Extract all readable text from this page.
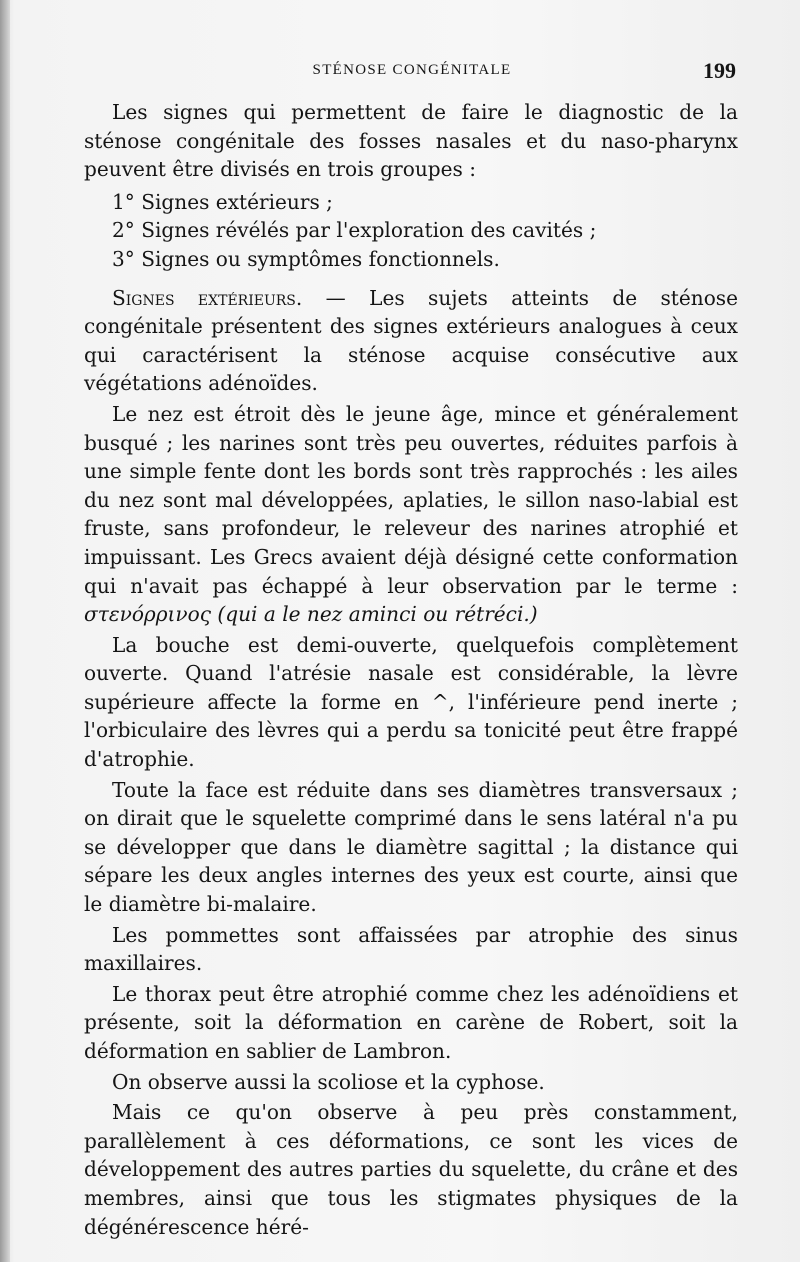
STÉNOSE CONGÉNITALE	199

Les signes qui permettent de faire le diagnostic de la sténose congénitale des fosses nasales et du naso-pharynx peuvent être divisés en trois groupes :

1° Signes extérieurs ;

2° Signes révélés par l'exploration des cavités ;

3° Signes ou symptômes fonctionnels.

Signes extérieurs. — Les sujets atteints de sténose congénitale présentent des signes extérieurs analogues à ceux qui caractérisent la sténose acquise consécutive aux végétations adénoïdes.

Le nez est étroit dès le jeune âge, mince et généralement busqué ; les narines sont très peu ouvertes, réduites parfois à une simple fente dont les bords sont très rapprochés : les ailes du nez sont mal développées, aplaties, le sillon naso-labial est fruste, sans profondeur, le releveur des narines atrophié et impuissant. Les Grecs avaient déjà désigné cette conformation qui n'avait pas échappé à leur observation par le terme : στενόρρινος (qui a le nez aminci ou rétréci.)

La bouche est demi-ouverte, quelquefois complètement ouverte. Quand l'atrésie nasale est considérable, la lèvre supérieure affecte la forme en ^, l'inférieure pend inerte ; l'orbiculaire des lèvres qui a perdu sa tonicité peut être frappé d'atrophie.

Toute la face est réduite dans ses diamètres transversaux ; on dirait que le squelette comprimé dans le sens latéral n'a pu se développer que dans le diamètre sagittal ; la distance qui sépare les deux angles internes des yeux est courte, ainsi que le diamètre bi-malaire.

Les pommettes sont affaissées par atrophie des sinus maxillaires.

Le thorax peut être atrophié comme chez les adénoïdiens et présente, soit la déformation en carène de Robert, soit la déformation en sablier de Lambron.

On observe aussi la scoliose et la cyphose.

Mais ce qu'on observe à peu près constamment, parallèlement à ces déformations, ce sont les vices de développement des autres parties du squelette, du crâne et des membres, ainsi que tous les stigmates physiques de la dégénérescence héré-
